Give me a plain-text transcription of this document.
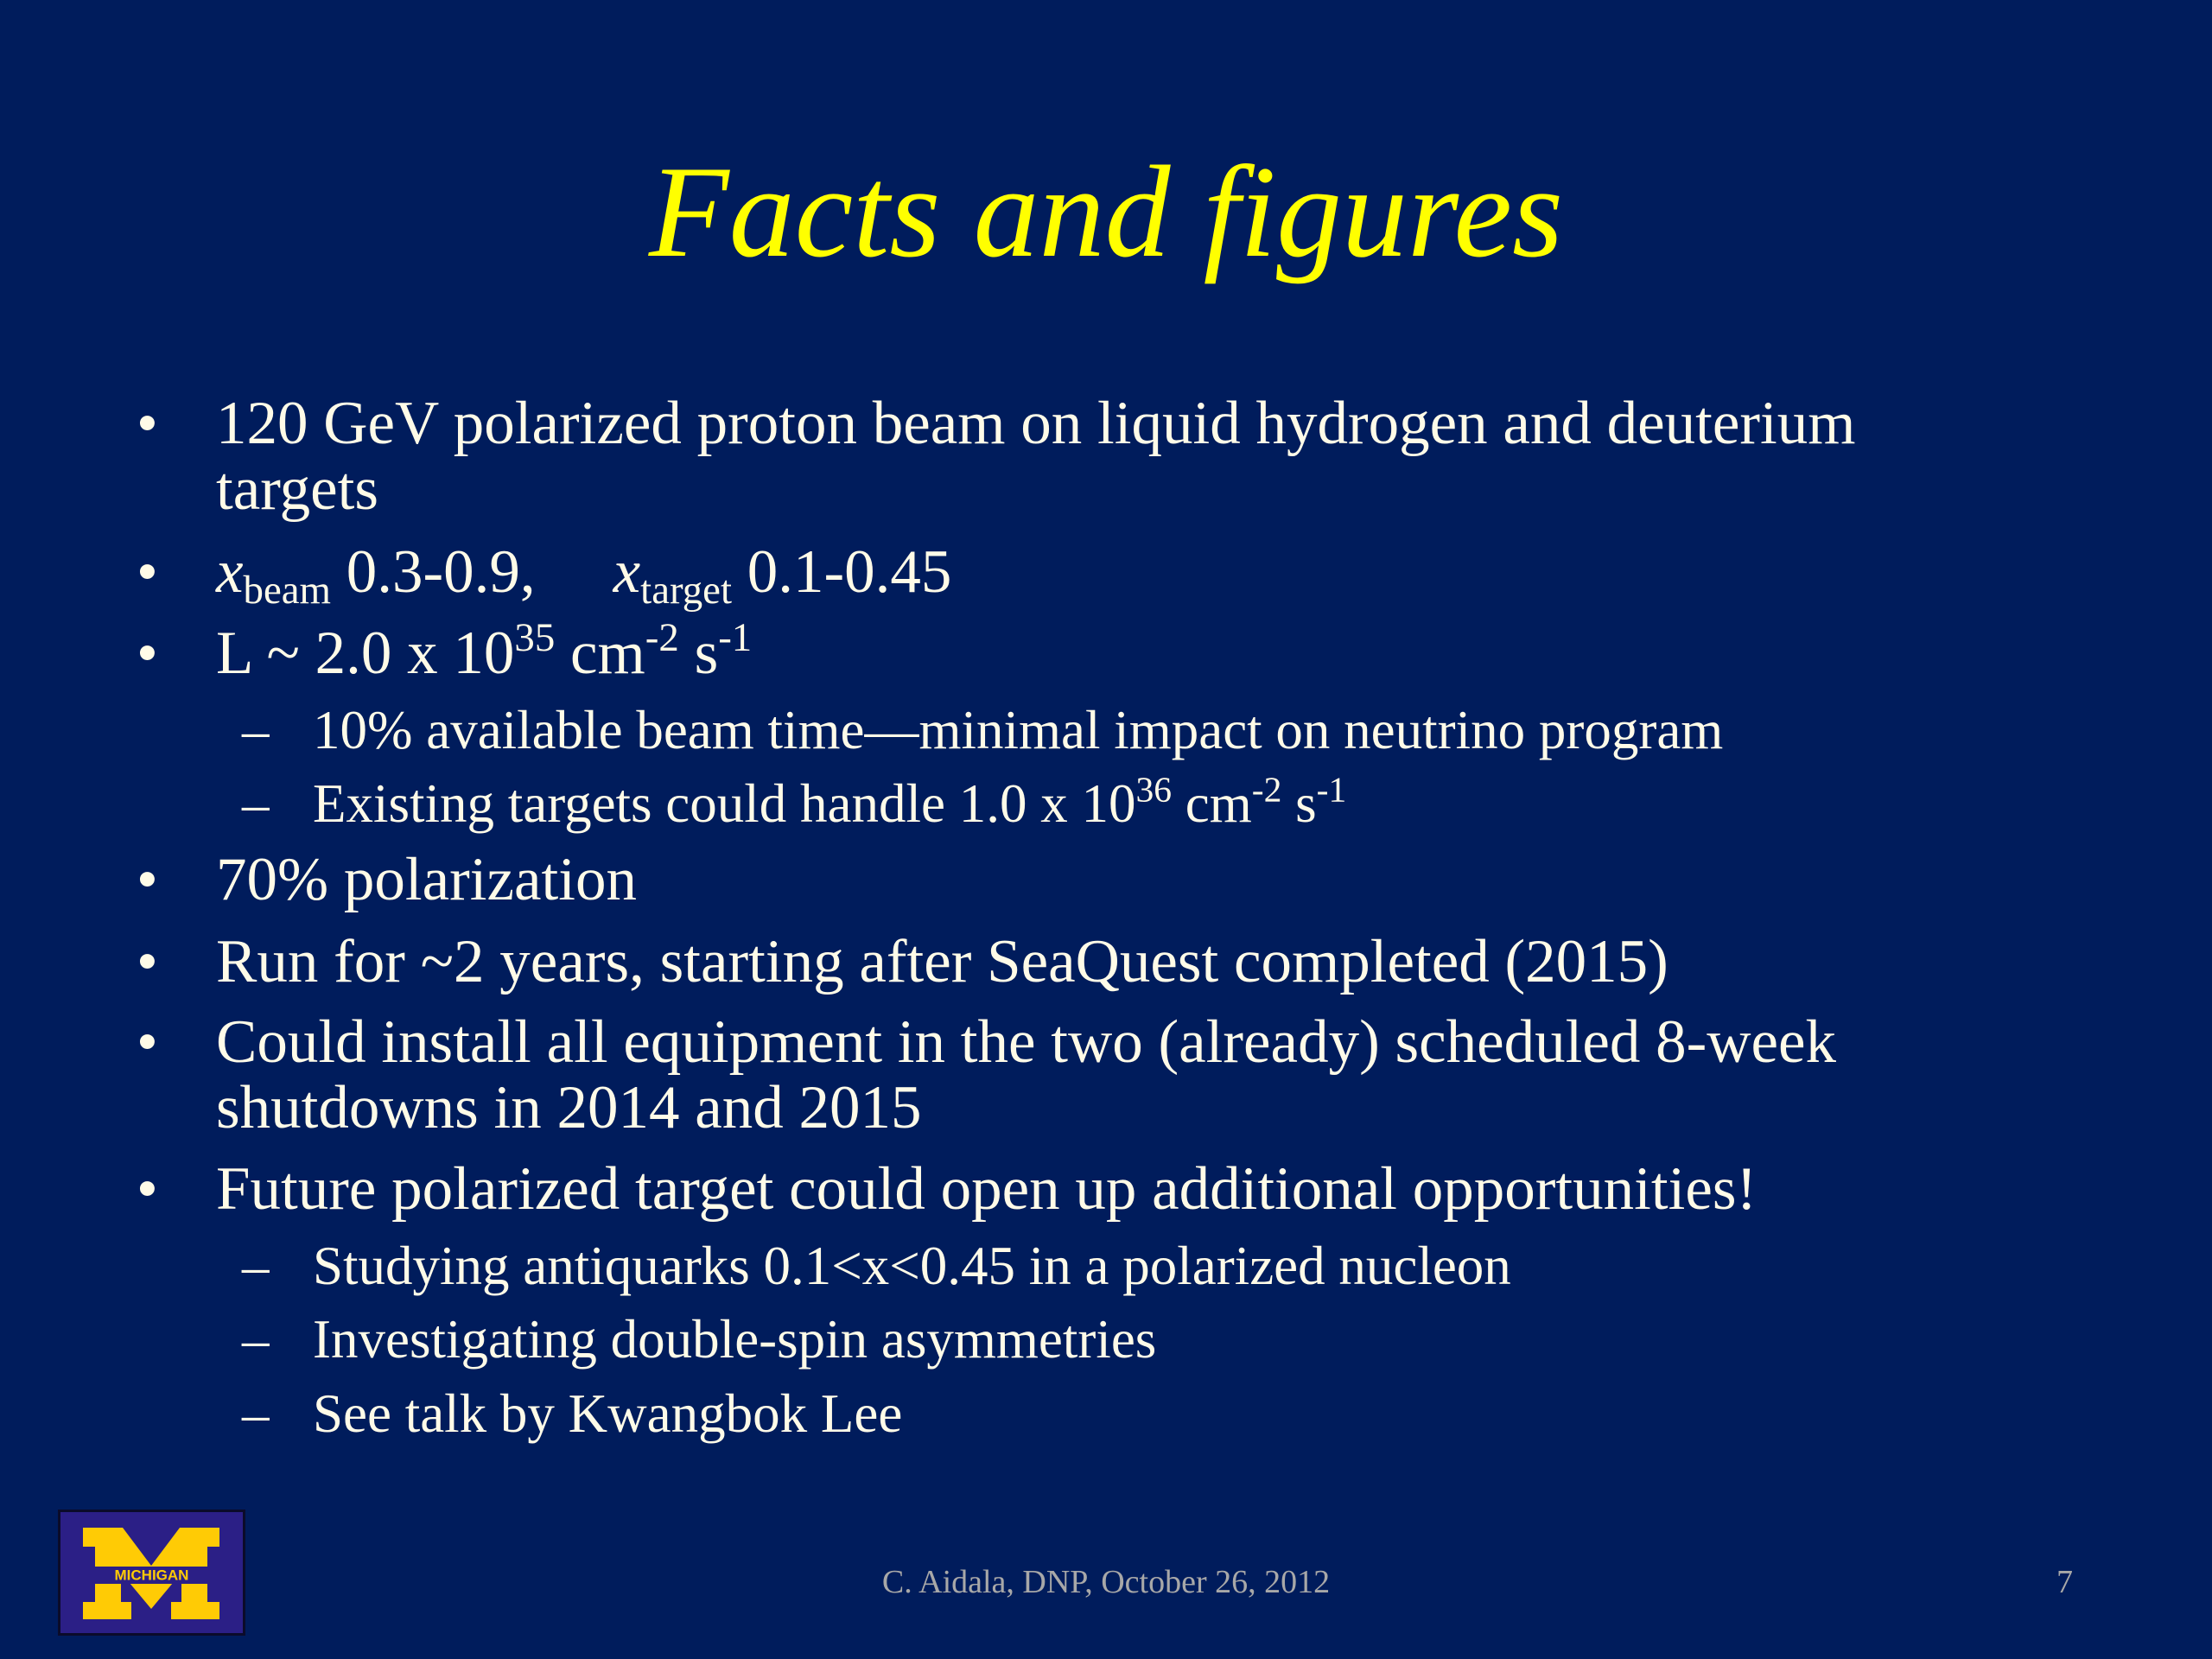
Facts and figures
• 120 GeV polarized proton beam on liquid hydrogen and deuterium
targets
• $x_{beam}$ 0.3-0.9, $x_{target}$ 0.1-0.45
• L ~ 2.0 x $10^{35}$ $cm^{-2}$ $s^{-1}$
– 10% available beam time—minimal impact on neutrino program
– Existing targets could handle 1.0 x $10^{36}$ $cm^{-2}$ $s^{-1}$
• 70% polarization
• Run for ~2 years, starting after SeaQuest completed (2015)
• Could install all equipment in the two (already) scheduled 8-week
shutdowns in 2014 and 2015
• Future polarized target could open up additional opportunities!
– Studying antiquarks 0.1<x<0.45 in a polarized nucleon
– Investigating double-spin asymmetries
– See talk by Kwangbok Lee
MICHIGAN	C. Aidala, DNP, October 26, 2012	7
